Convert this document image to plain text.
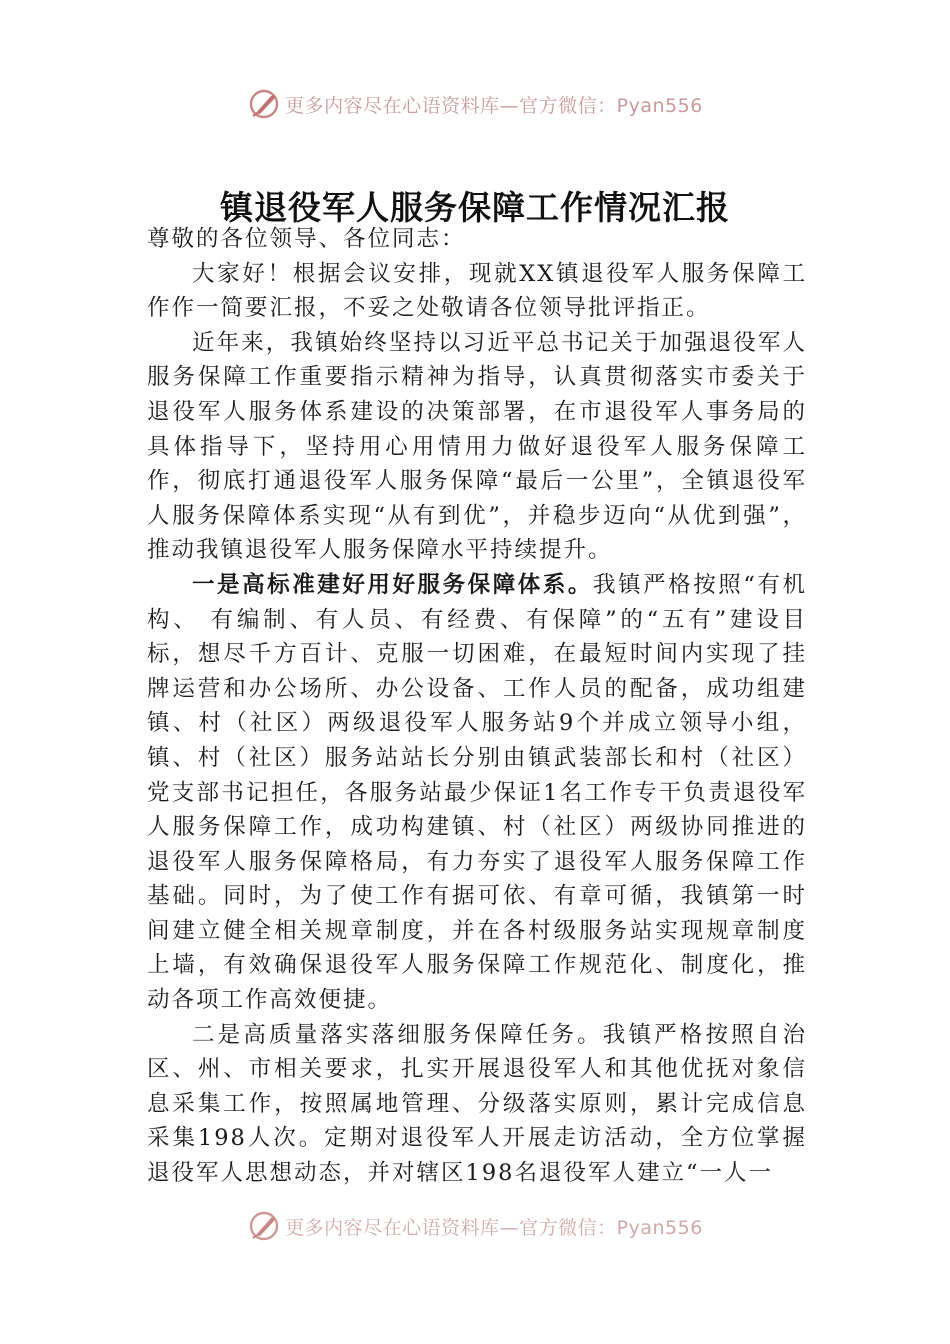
更多内容尽在心语资料库—官方微信：Pyan556
镇退役军人服务保障工作情况汇报

尊敬的各位领导、各位同志：

大家好！根据会议安排，现就XX镇退役军人服务保障工作作一简要汇报，不妥之处敬请各位领导批评指正。

近年来，我镇始终坚持以习近平总书记关于加强退役军人服务保障工作重要指示精神为指导，认真贯彻落实市委关于退役军人服务体系建设的决策部署，在市退役军人事务局的具体指导下，坚持用心用情用力做好退役军人服务保障工作，彻底打通退役军人服务保障“最后一公里”，全镇退役军人服务保障体系实现“从有到优”，并稳步迈向“从优到强”，推动我镇退役军人服务保障水平持续提升。

一是高标准建好用好服务保障体系。我镇严格按照“有机构、 有编制、有人员、有经费、有保障”的“五有”建设目标，想尽千方百计、克服一切困难，在最短时间内实现了挂牌运营和办公场所、办公设备、工作人员的配备，成功组建镇、村（社区）两级退役军人服务站9个并成立领导小组，镇、村（社区）服务站站长分别由镇武装部长和村（社区）党支部书记担任，各服务站最少保证1名工作专干负责退役军人服务保障工作，成功构建镇、村（社区）两级协同推进的退役军人服务保障格局，有力夯实了退役军人服务保障工作基础。同时，为了使工作有据可依、有章可循，我镇第一时间建立健全相关规章制度，并在各村级服务站实现规章制度上墙，有效确保退役军人服务保障工作规范化、制度化，推动各项工作高效便捷。

二是高质量落实落细服务保障任务。我镇严格按照自治区、州、市相关要求，扎实开展退役军人和其他优抚对象信息采集工作，按照属地管理、分级落实原则，累计完成信息采集198人次。定期对退役军人开展走访活动，全方位掌握退役军人思想动态，并对辖区198名退役军人建立“一人一

更多内容尽在心语资料库—官方微信：Pyan556
